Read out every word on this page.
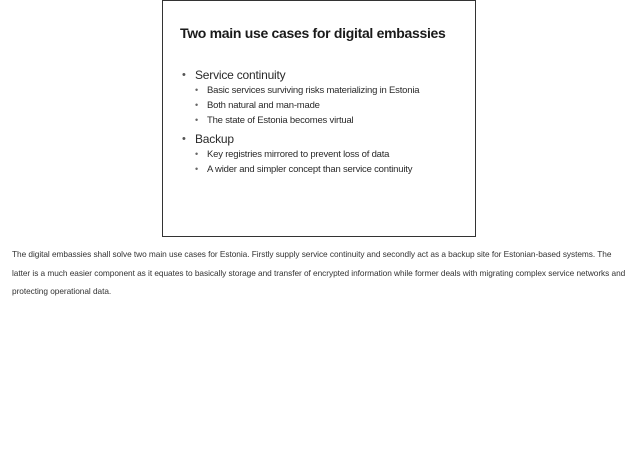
Two main use cases for digital embassies
• Service continuity
• Basic services surviving risks materializing in Estonia
• Both natural and man-made
• The state of Estonia becomes virtual
• Backup
• Key registries mirrored to prevent loss of data
• A wider and simpler concept than service continuity
The digital embassies shall solve two main use cases for Estonia. Firstly supply service continuity and secondly act as a backup site for Estonian-based systems. The latter is a much easier component as it equates to basically storage and transfer of encrypted information while former deals with migrating complex service networks and protecting operational data.
